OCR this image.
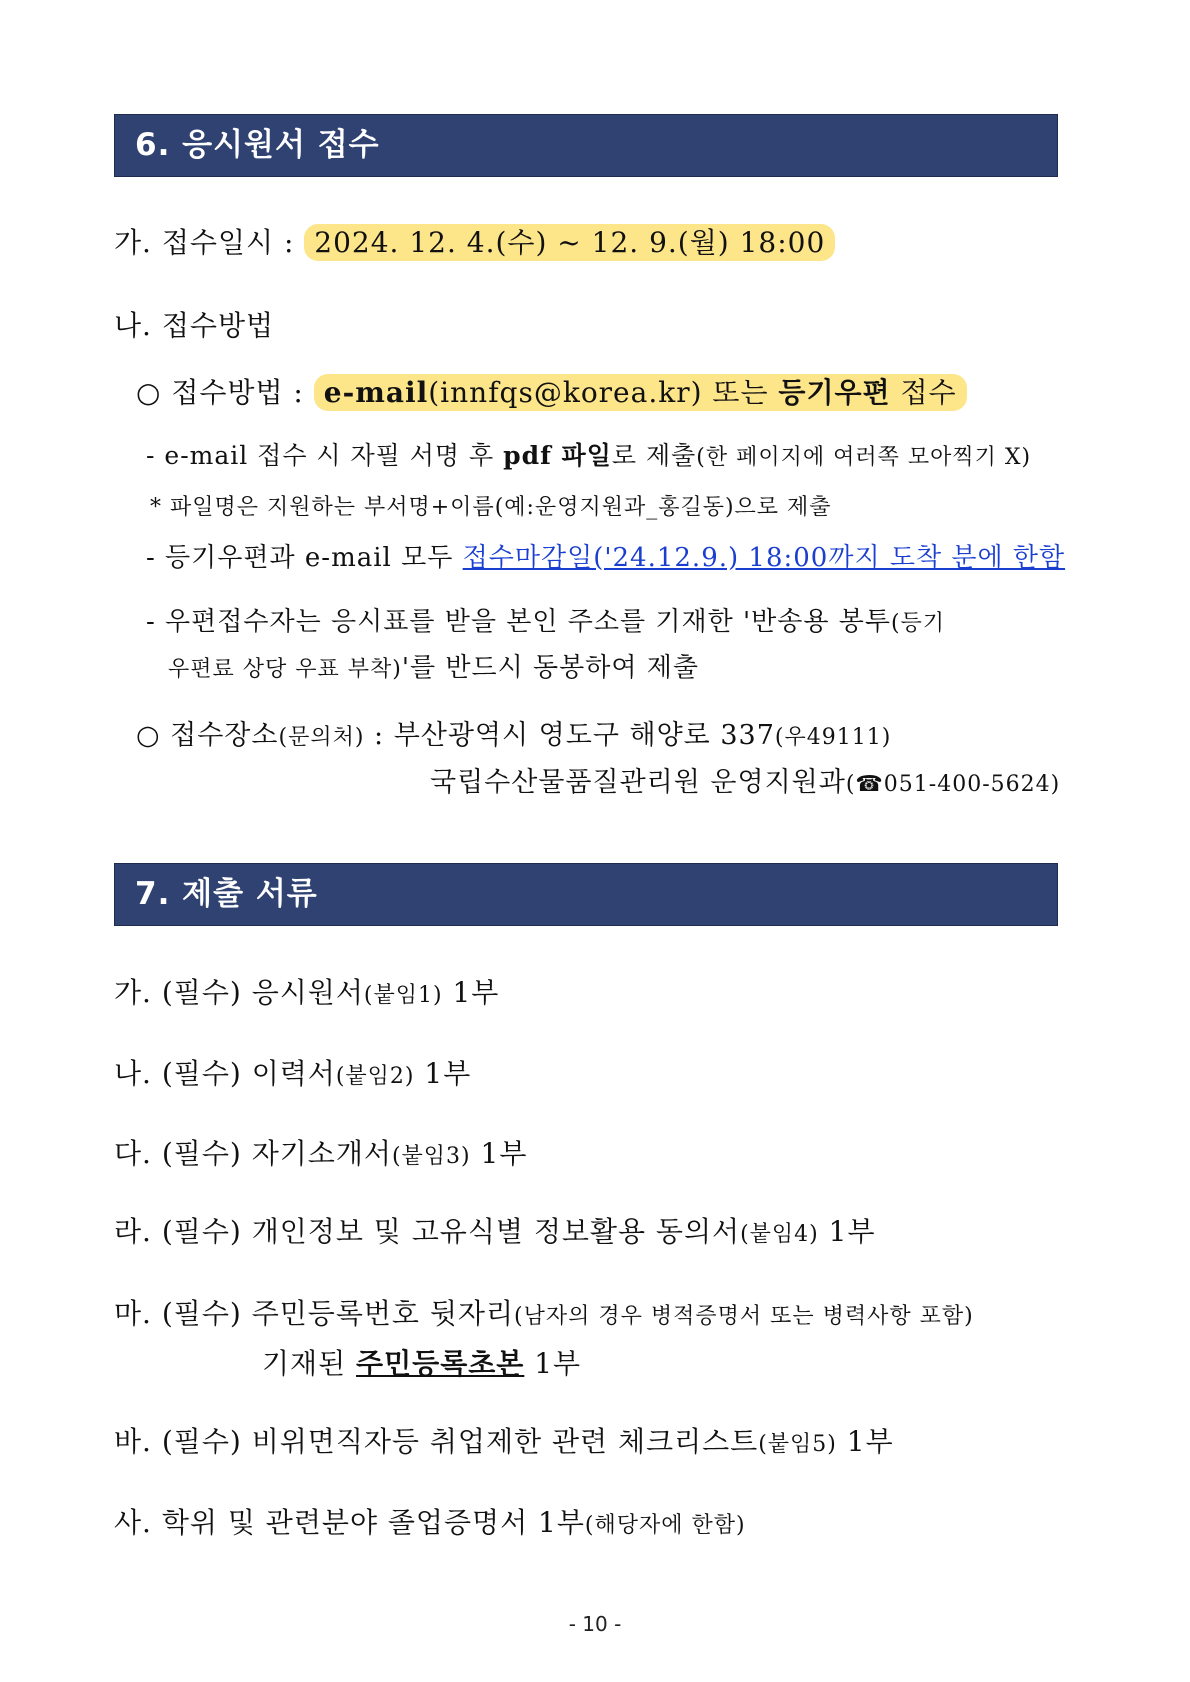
6. 응시원서 접수
가. 접수일시 : 2024. 12. 4.(수) ~ 12. 9.(월) 18:00
나. 접수방법
○ 접수방법 : e-mail(innfqs@korea.kr) 또는 등기우편 접수
- e-mail 접수 시 자필 서명 후 pdf 파일로 제출(한 페이지에 여러쪽 모아찍기 X)
* 파일명은 지원하는 부서명+이름(예:운영지원과_홍길동)으로 제출
- 등기우편과 e-mail 모두 접수마감일('24.12.9.) 18:00까지 도착 분에 한함
- 우편접수자는 응시표를 받을 본인 주소를 기재한 '반송용 봉투(등기
우편료 상당 우표 부착)'를 반드시 동봉하여 제출
○ 접수장소(문의처) : 부산광역시 영도구 해양로 337(우49111)
국립수산물품질관리원 운영지원과(☎051-400-5624)
7. 제출 서류
가. (필수) 응시원서(붙임1) 1부
나. (필수) 이력서(붙임2) 1부
다. (필수) 자기소개서(붙임3) 1부
라. (필수) 개인정보 및 고유식별 정보활용 동의서(붙임4) 1부
마. (필수) 주민등록번호 뒷자리(남자의 경우 병적증명서 또는 병력사항 포함)
기재된 주민등록초본 1부
바. (필수) 비위면직자등 취업제한 관련 체크리스트(붙임5) 1부
사. 학위 및 관련분야 졸업증명서 1부(해당자에 한함)
- 10 -
